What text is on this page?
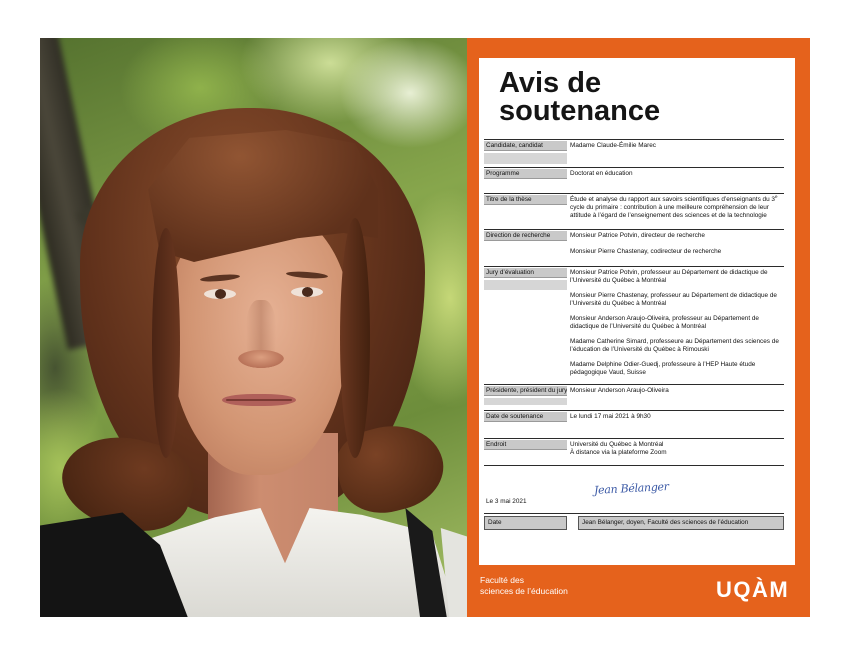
Avis de
soutenance
Candidate, candidat	Madame Claude-Émilie Marec
Programme	Doctorat en éducation
Titre de la thèse	Étude et analyse du rapport aux savoirs scientifiques d’enseignants du 3e cycle du primaire : contribution à une meilleure compréhension de leur attitude à l’égard de l’enseignement des sciences et de la technologie
Direction de recherche	Monsieur Patrice Potvin, directeur de recherche
Monsieur Pierre Chastenay, codirecteur de recherche
Jury d’évaluation	Monsieur Patrice Potvin, professeur au Département de didactique de l’Université du Québec à Montréal
Monsieur Pierre Chastenay, professeur au Département de didactique de l’Université du Québec à Montréal
Monsieur Anderson Araujo-Oliveira, professeur au Département de didactique de l’Université du Québec à Montréal
Madame Catherine Simard, professeure au Département des sciences de l’éducation de l’Université du Québec à Rimouski
Madame Delphine Odier-Guedj, professeure à l’HEP Haute étude pédagogique Vaud, Suisse
Présidente, président du jury Monsieur Anderson Araujo-Oliveira
Date de soutenance	Le lundi 17 mai 2021 à 9h30
Endroit	Université du Québec à Montréal
À distance via la plateforme Zoom
Le 3 mai 2021
Jean Bélanger
Date	Jean Bélanger, doyen, Faculté des sciences de l’éducation
Faculté des
sciences de l’éducation	UQÀM
